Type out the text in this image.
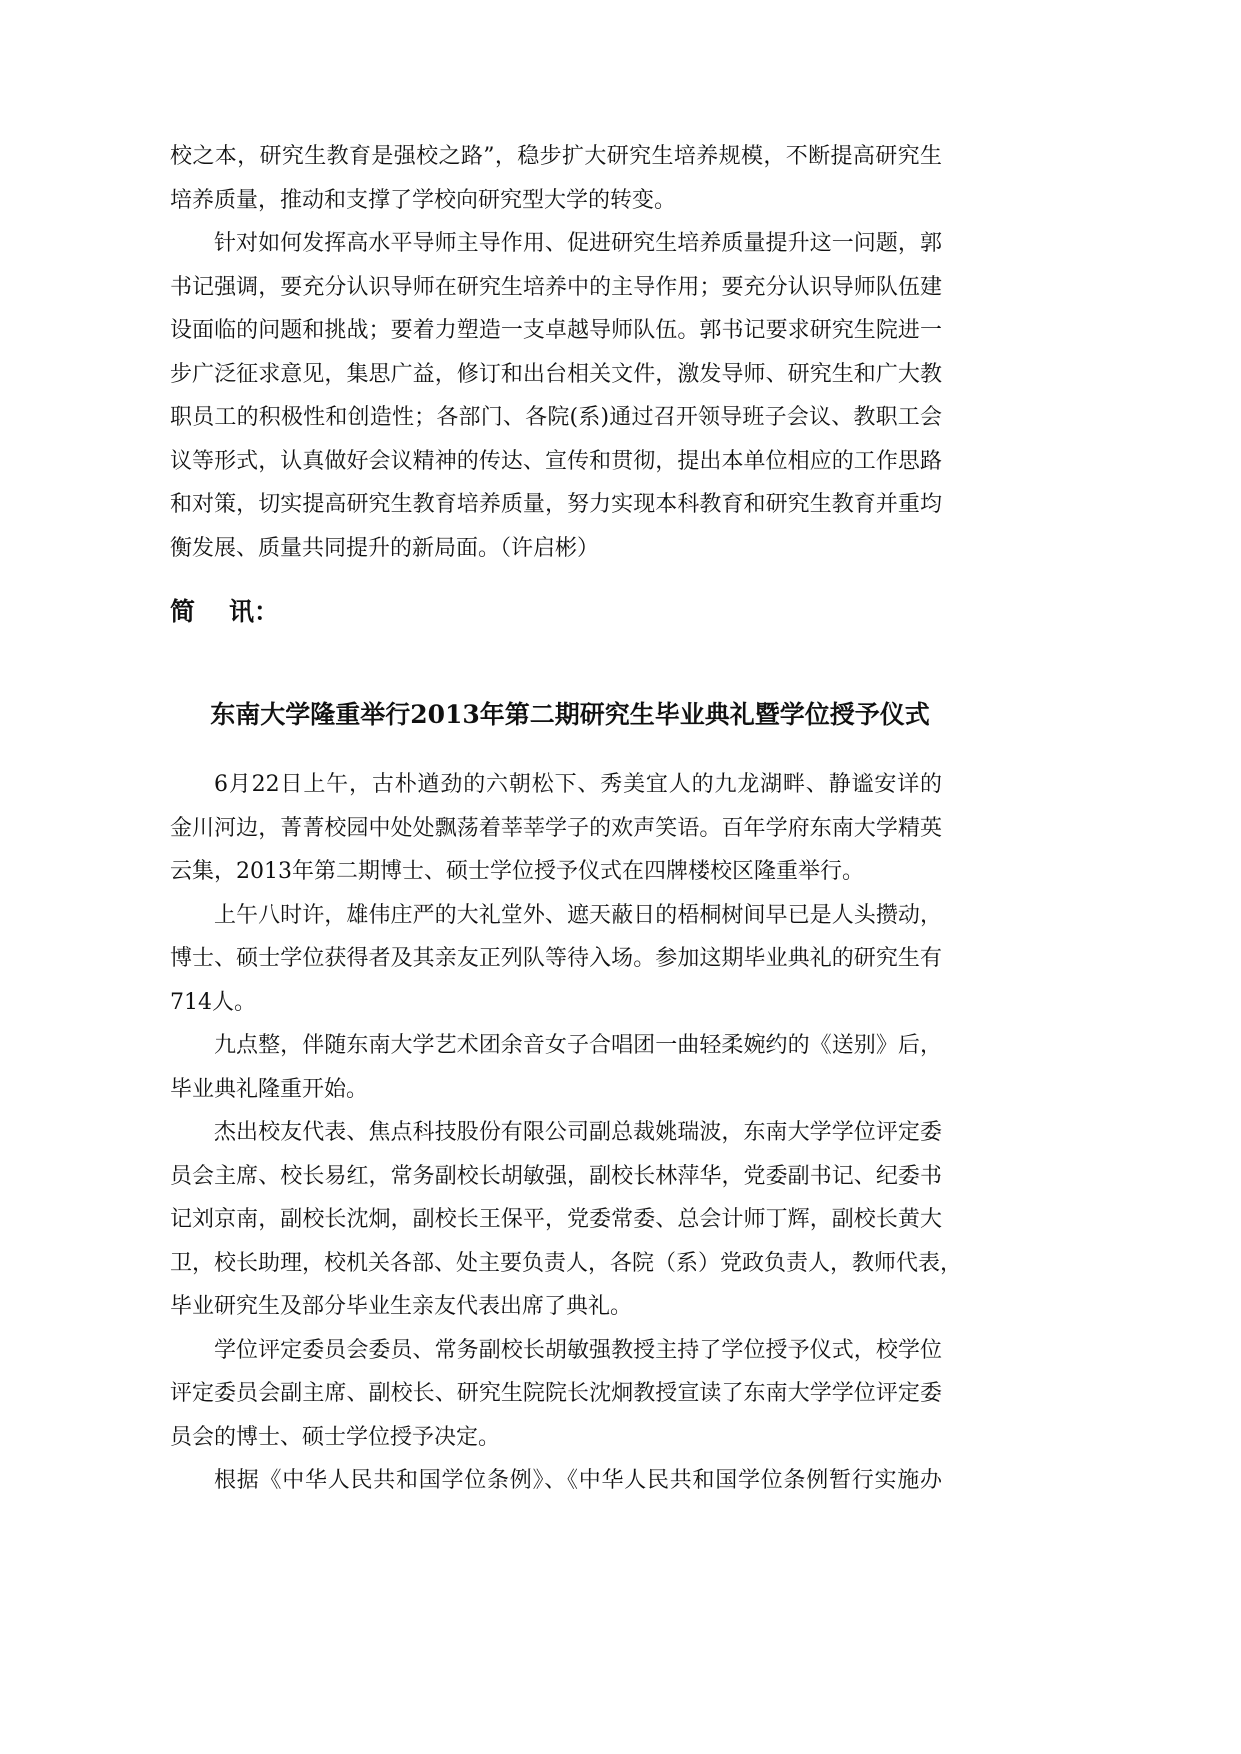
校之本，研究生教育是强校之路”，稳步扩大研究生培养规模，不断提高研究生
培养质量，推动和支撑了学校向研究型大学的转变。
针对如何发挥高水平导师主导作用、促进研究生培养质量提升这一问题，郭
书记强调，要充分认识导师在研究生培养中的主导作用；要充分认识导师队伍建
设面临的问题和挑战；要着力塑造一支卓越导师队伍。郭书记要求研究生院进一
步广泛征求意见，集思广益，修订和出台相关文件，激发导师、研究生和广大教
职员工的积极性和创造性；各部门、各院(系)通过召开领导班子会议、教职工会
议等形式，认真做好会议精神的传达、宣传和贯彻，提出本单位相应的工作思路
和对策，切实提高研究生教育培养质量，努力实现本科教育和研究生教育并重均
衡发展、质量共同提升的新局面。（许启彬）
简 讯：
东南大学隆重举行2013年第二期研究生毕业典礼暨学位授予仪式
6月22日上午，古朴遒劲的六朝松下、秀美宜人的九龙湖畔、静谧安详的
金川河边，菁菁校园中处处飘荡着莘莘学子的欢声笑语。百年学府东南大学精英
云集，2013年第二期博士、硕士学位授予仪式在四牌楼校区隆重举行。
上午八时许，雄伟庄严的大礼堂外、遮天蔽日的梧桐树间早已是人头攒动，
博士、硕士学位获得者及其亲友正列队等待入场。参加这期毕业典礼的研究生有
714人。
九点整，伴随东南大学艺术团余音女子合唱团一曲轻柔婉约的《送别》后，
毕业典礼隆重开始。
杰出校友代表、焦点科技股份有限公司副总裁姚瑞波，东南大学学位评定委
员会主席、校长易红，常务副校长胡敏强，副校长林萍华，党委副书记、纪委书
记刘京南，副校长沈炯，副校长王保平，党委常委、总会计师丁辉，副校长黄大
卫，校长助理，校机关各部、处主要负责人，各院（系）党政负责人，教师代表，
毕业研究生及部分毕业生亲友代表出席了典礼。
学位评定委员会委员、常务副校长胡敏强教授主持了学位授予仪式，校学位
评定委员会副主席、副校长、研究生院院长沈炯教授宣读了东南大学学位评定委
员会的博士、硕士学位授予决定。
根据《中华人民共和国学位条例》、《中华人民共和国学位条例暂行实施办
